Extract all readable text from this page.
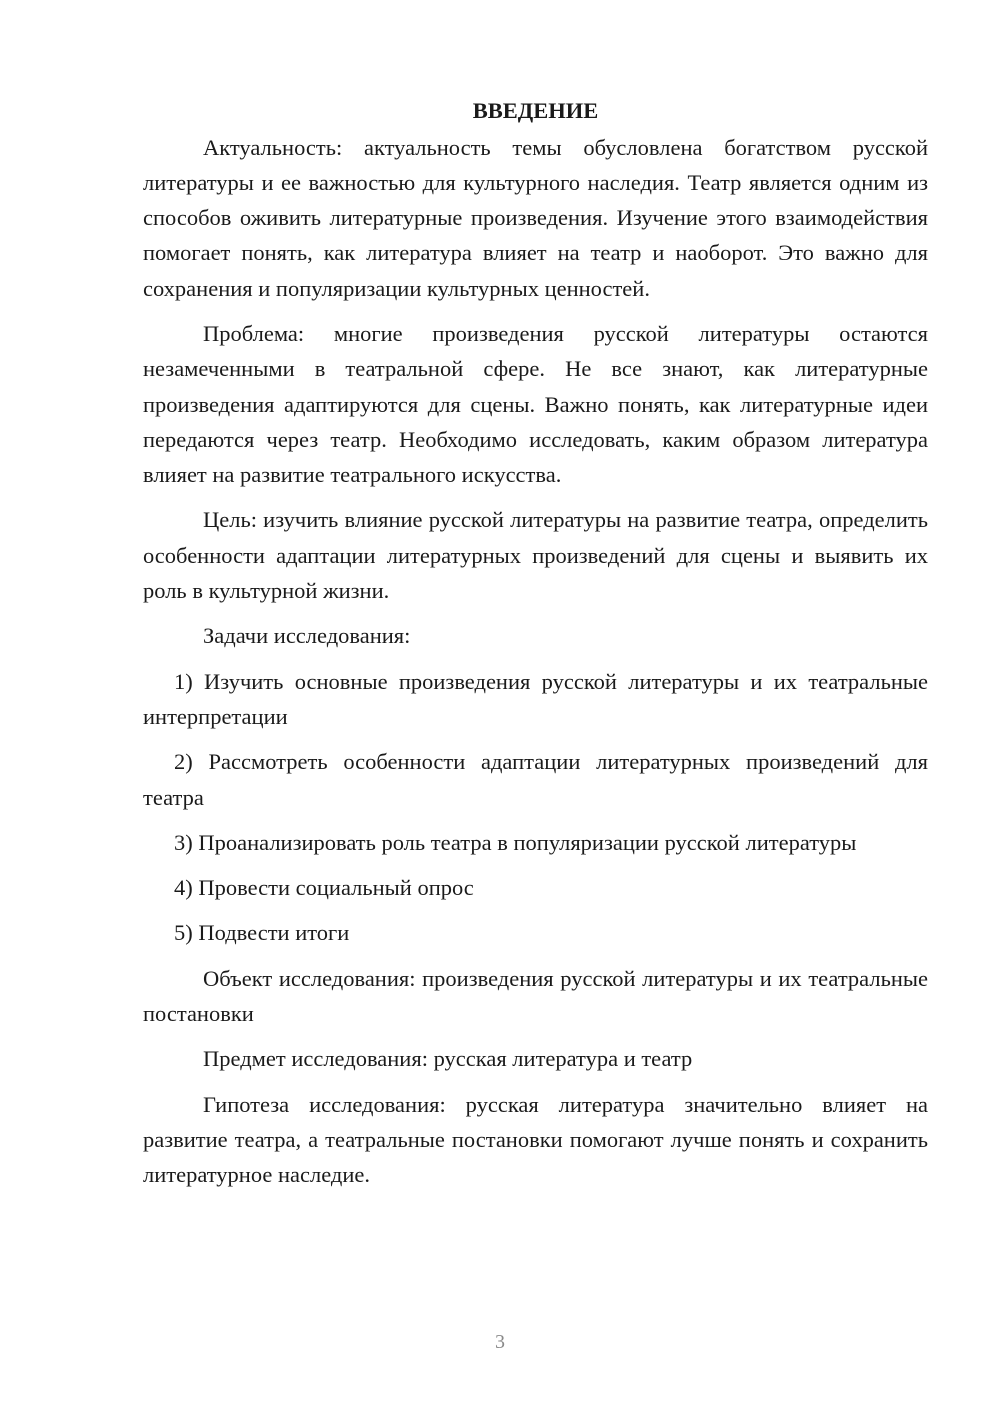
ВВЕДЕНИЕ

Актуальность: актуальность темы обусловлена богатством русской литературы и ее важностью для культурного наследия. Театр является одним из способов оживить литературные произведения. Изучение этого взаимодействия помогает понять, как литература влияет на театр и наоборот. Это важно для сохранения и популяризации культурных ценностей.

Проблема: многие произведения русской литературы остаются незамеченными в театральной сфере. Не все знают, как литературные произведения адаптируются для сцены. Важно понять, как литературные идеи передаются через театр. Необходимо исследовать, каким образом литература влияет на развитие театрального искусства.

Цель: изучить влияние русской литературы на развитие театра, определить особенности адаптации литературных произведений для сцены и выявить их роль в культурной жизни.

Задачи исследования:

1) Изучить основные произведения русской литературы и их театральные интерпретации

2) Рассмотреть особенности адаптации литературных произведений для театра

3) Проанализировать роль театра в популяризации русской литературы

4) Провести социальный опрос

5) Подвести итоги

Объект исследования: произведения русской литературы и их театральные постановки

Предмет исследования: русская литература и театр

Гипотеза исследования: русская литература значительно влияет на развитие театра, а театральные постановки помогают лучше понять и сохранить литературное наследие.

3
